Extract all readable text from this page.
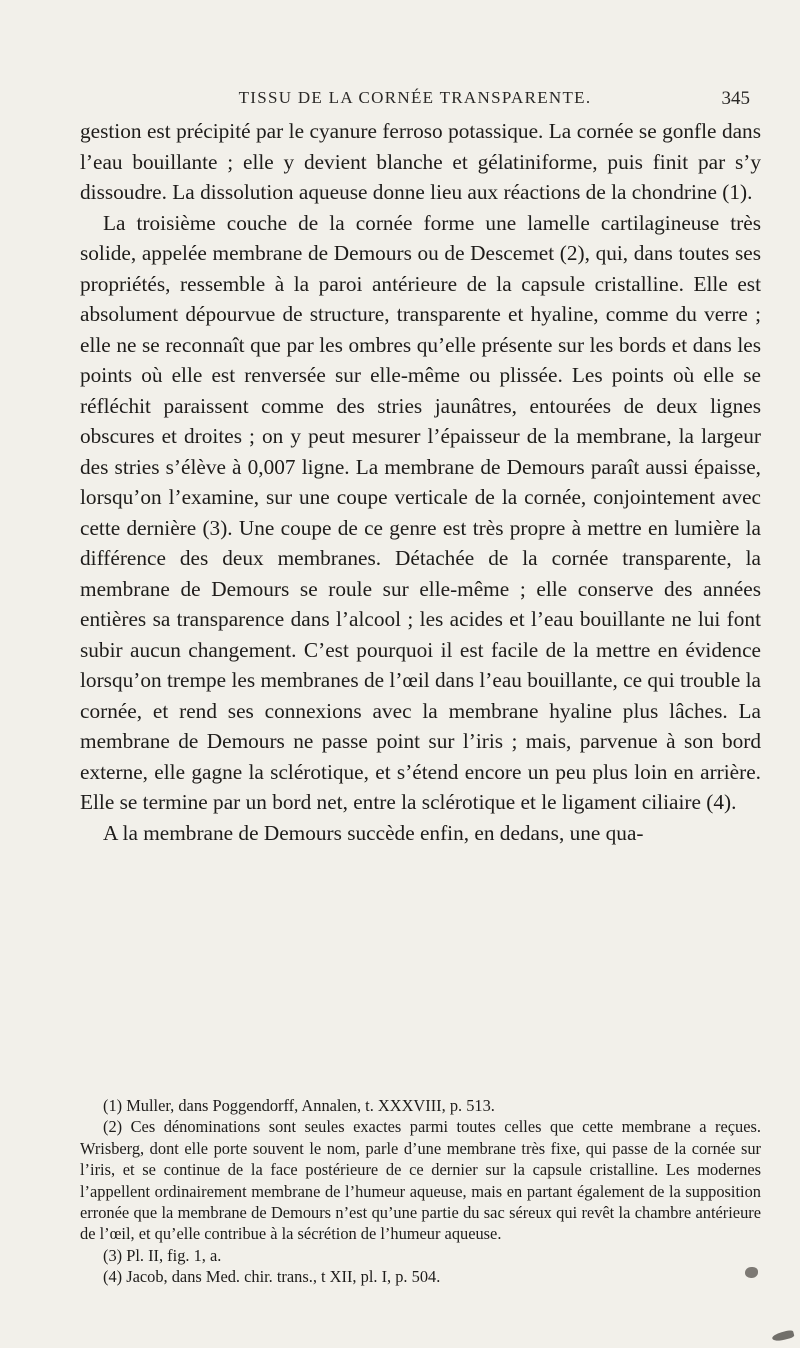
TISSU DE LA CORNÉE TRANSPARENTE.	345

gestion est précipité par le cyanure ferroso potassique. La cornée se gonfle dans l’eau bouillante ; elle y devient blanche et gélatiniforme, puis finit par s’y dissoudre. La dissolution aqueuse donne lieu aux réactions de la chondrine (1).

La troisième couche de la cornée forme une lamelle cartilagineuse très solide, appelée membrane de Demours ou de Descemet (2), qui, dans toutes ses propriétés, ressemble à la paroi antérieure de la capsule cristalline. Elle est absolument dépourvue de structure, transparente et hyaline, comme du verre ; elle ne se reconnaît que par les ombres qu’elle présente sur les bords et dans les points où elle est renversée sur elle-même ou plissée. Les points où elle se réfléchit paraissent comme des stries jaunâtres, entourées de deux lignes obscures et droites ; on y peut mesurer l’épaisseur de la membrane, la largeur des stries s’élève à 0,007 ligne. La membrane de Demours paraît aussi épaisse, lorsqu’on l’examine, sur une coupe verticale de la cornée, conjointement avec cette dernière (3). Une coupe de ce genre est très propre à mettre en lumière la différence des deux membranes. Détachée de la cornée transparente, la membrane de Demours se roule sur elle-même ; elle conserve des années entières sa transparence dans l’alcool ; les acides et l’eau bouillante ne lui font subir aucun changement. C’est pourquoi il est facile de la mettre en évidence lorsqu’on trempe les membranes de l’œil dans l’eau bouillante, ce qui trouble la cornée, et rend ses connexions avec la membrane hyaline plus lâches. La membrane de Demours ne passe point sur l’iris ; mais, parvenue à son bord externe, elle gagne la sclérotique, et s’étend encore un peu plus loin en arrière. Elle se termine par un bord net, entre la sclérotique et le ligament ciliaire (4).

A la membrane de Demours succède enfin, en dedans, une qua-

(1) Muller, dans Poggendorff, Annalen, t. XXXVIII, p. 513.

(2) Ces dénominations sont seules exactes parmi toutes celles que cette membrane a reçues. Wrisberg, dont elle porte souvent le nom, parle d’une membrane très fixe, qui passe de la cornée sur l’iris, et se continue de la face postérieure de ce dernier sur la capsule cristalline. Les modernes l’appellent ordinairement membrane de l’humeur aqueuse, mais en partant également de la supposition erronée que la membrane de Demours n’est qu’une partie du sac séreux qui revêt la chambre antérieure de l’œil, et qu’elle contribue à la sécrétion de l’humeur aqueuse.

(3) Pl. II, fig. 1, a.

(4) Jacob, dans Med. chir. trans., t XII, pl. I, p. 504.
